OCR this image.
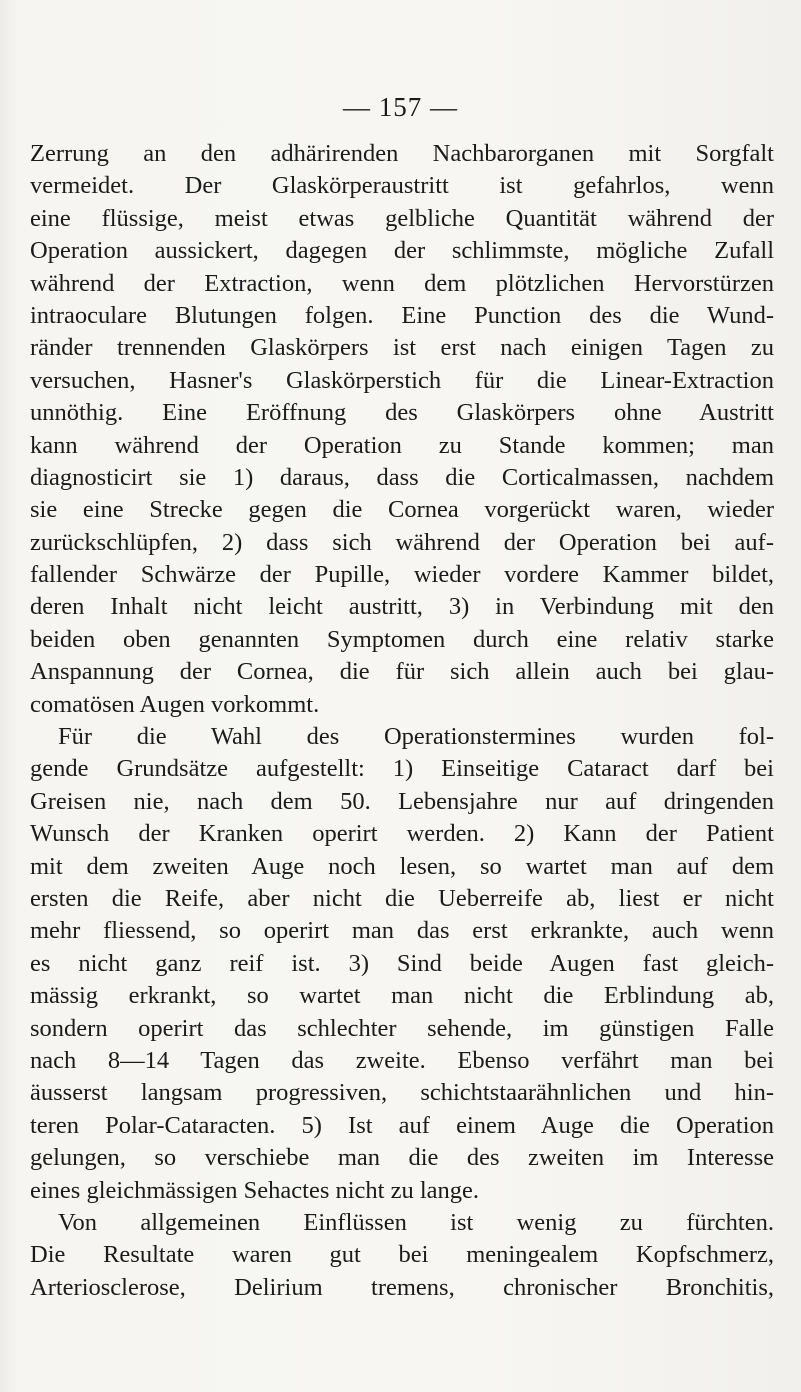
— 157 —
Zerrung an den adhärirenden Nachbarorganen mit Sorgfalt
vermeidet. Der Glaskörperaustritt ist gefahrlos, wenn
eine flüssige, meist etwas gelbliche Quantität während der
Operation aussickert, dagegen der schlimmste, mögliche Zufall
während der Extraction, wenn dem plötzlichen Hervorstürzen
intraoculare Blutungen folgen. Eine Punction des die Wund-
ränder trennenden Glaskörpers ist erst nach einigen Tagen zu
versuchen, Hasner's Glaskörperstich für die Linear-Extraction
unnöthig. Eine Eröffnung des Glaskörpers ohne Austritt
kann während der Operation zu Stande kommen; man
diagnosticirt sie 1) daraus, dass die Corticalmassen, nachdem
sie eine Strecke gegen die Cornea vorgerückt waren, wieder
zurückschlüpfen, 2) dass sich während der Operation bei auf-
fallender Schwärze der Pupille, wieder vordere Kammer bildet,
deren Inhalt nicht leicht austritt, 3) in Verbindung mit den
beiden oben genannten Symptomen durch eine relativ starke
Anspannung der Cornea, die für sich allein auch bei glau-
comatösen Augen vorkommt.
Für die Wahl des Operationstermines wurden fol-
gende Grundsätze aufgestellt: 1) Einseitige Cataract darf bei
Greisen nie, nach dem 50. Lebensjahre nur auf dringenden
Wunsch der Kranken operirt werden. 2) Kann der Patient
mit dem zweiten Auge noch lesen, so wartet man auf dem
ersten die Reife, aber nicht die Ueberreife ab, liest er nicht
mehr fliessend, so operirt man das erst erkrankte, auch wenn
es nicht ganz reif ist. 3) Sind beide Augen fast gleich-
mässig erkrankt, so wartet man nicht die Erblindung ab,
sondern operirt das schlechter sehende, im günstigen Falle
nach 8—14 Tagen das zweite. Ebenso verfährt man bei
äusserst langsam progressiven, schichtstaarähnlichen und hin-
teren Polar-Cataracten. 5) Ist auf einem Auge die Operation
gelungen, so verschiebe man die des zweiten im Interesse
eines gleichmässigen Sehactes nicht zu lange.
Von allgemeinen Einflüssen ist wenig zu fürchten.
Die Resultate waren gut bei meningealem Kopfschmerz,
Arteriosclerose, Delirium tremens, chronischer Bronchitis,
